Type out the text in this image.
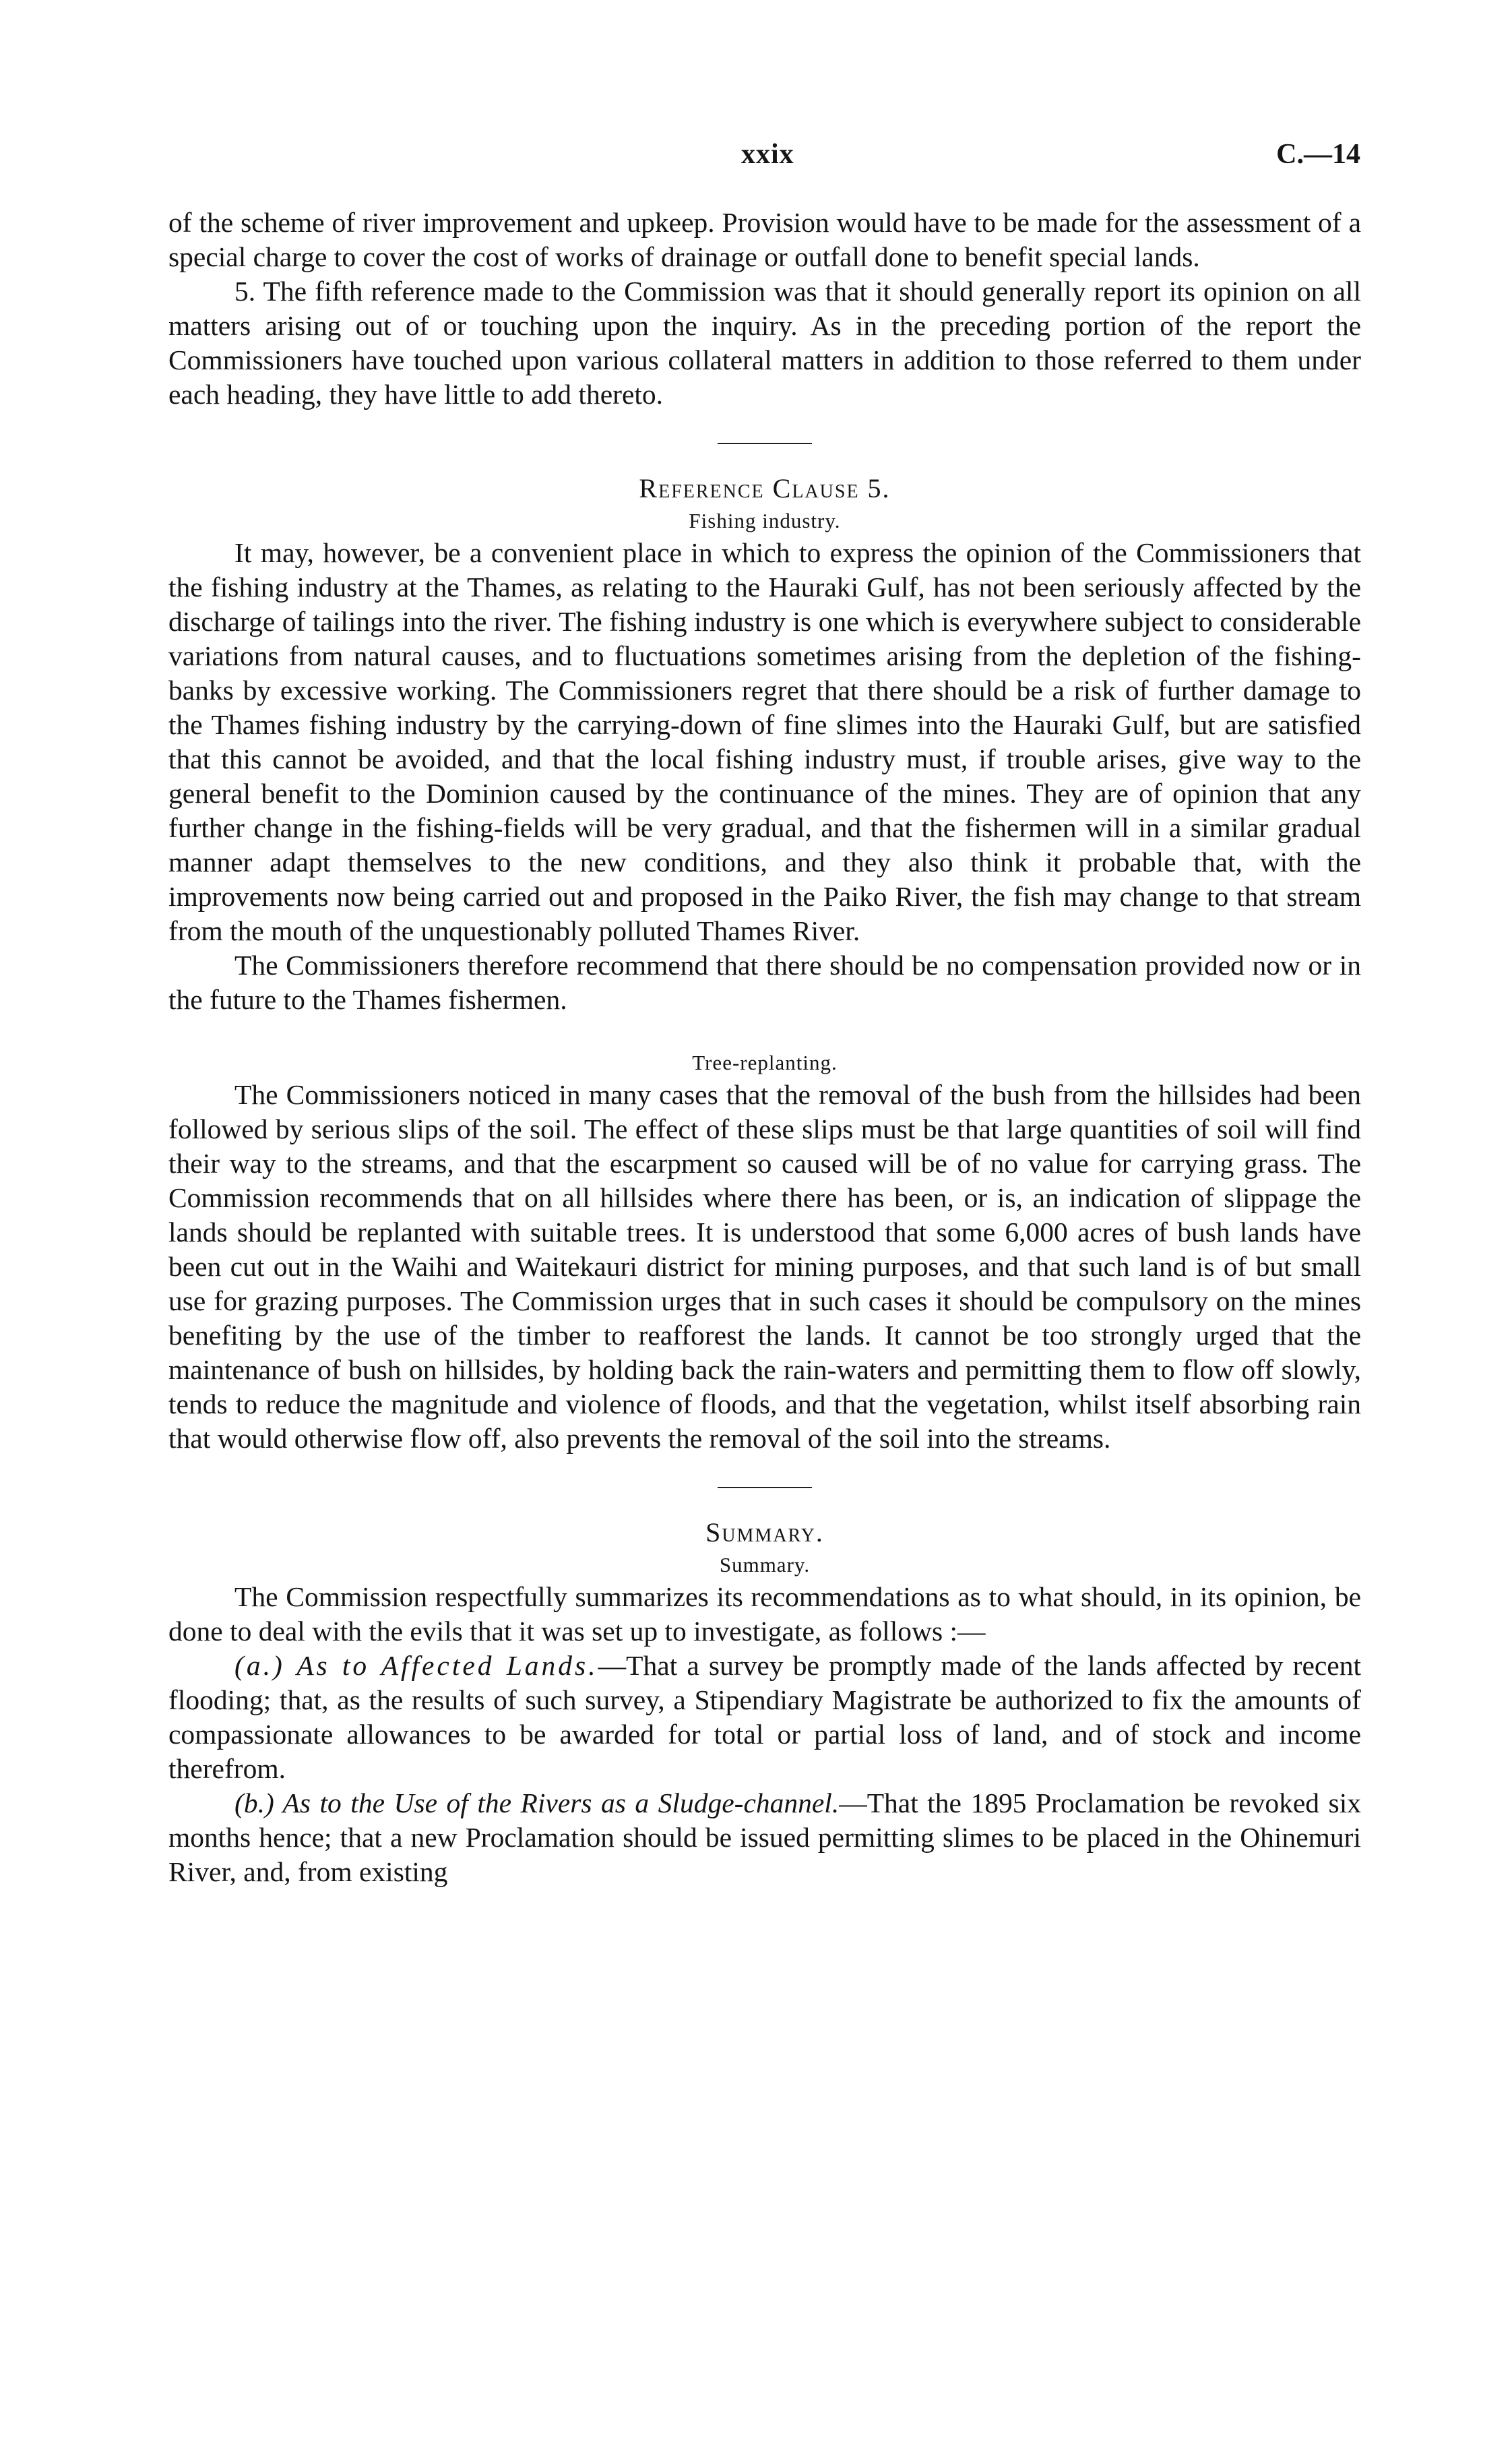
xxix	C.—14

of the scheme of river improvement and upkeep. Provision would have to be made for the assessment of a special charge to cover the cost of works of drainage or outfall done to benefit special lands.

5. The fifth reference made to the Commission was that it should generally report its opinion on all matters arising out of or touching upon the inquiry. As in the preceding portion of the report the Commissioners have touched upon various collateral matters in addition to those referred to them under each heading, they have little to add thereto.

Reference Clause 5.
Fishing industry.

It may, however, be a convenient place in which to express the opinion of the Commissioners that the fishing industry at the Thames, as relating to the Hauraki Gulf, has not been seriously affected by the discharge of tailings into the river. The fishing industry is one which is everywhere subject to considerable variations from natural causes, and to fluctuations sometimes arising from the depletion of the fishing-banks by excessive working. The Commissioners regret that there should be a risk of further damage to the Thames fishing industry by the carrying-down of fine slimes into the Hauraki Gulf, but are satisfied that this cannot be avoided, and that the local fishing industry must, if trouble arises, give way to the general benefit to the Dominion caused by the continuance of the mines. They are of opinion that any further change in the fishing-fields will be very gradual, and that the fishermen will in a similar gradual manner adapt themselves to the new conditions, and they also think it probable that, with the improvements now being carried out and proposed in the Paiko River, the fish may change to that stream from the mouth of the unquestionably polluted Thames River.

The Commissioners therefore recommend that there should be no compensation provided now or in the future to the Thames fishermen.

Tree-replanting.

The Commissioners noticed in many cases that the removal of the bush from the hillsides had been followed by serious slips of the soil. The effect of these slips must be that large quantities of soil will find their way to the streams, and that the escarpment so caused will be of no value for carrying grass. The Commission recommends that on all hillsides where there has been, or is, an indication of slippage the lands should be replanted with suitable trees. It is understood that some 6,000 acres of bush lands have been cut out in the Waihi and Waitekauri district for mining purposes, and that such land is of but small use for grazing purposes. The Commission urges that in such cases it should be compulsory on the mines benefiting by the use of the timber to reafforest the lands. It cannot be too strongly urged that the maintenance of bush on hillsides, by holding back the rain-waters and permitting them to flow off slowly, tends to reduce the magnitude and violence of floods, and that the vegetation, whilst itself absorbing rain that would otherwise flow off, also prevents the removal of the soil into the streams.

Summary.
Summary.

The Commission respectfully summarizes its recommendations as to what should, in its opinion, be done to deal with the evils that it was set up to investigate, as follows :—

(a.) As to Affected Lands.—That a survey be promptly made of the lands affected by recent flooding; that, as the results of such survey, a Stipendiary Magistrate be authorized to fix the amounts of compassionate allowances to be awarded for total or partial loss of land, and of stock and income therefrom.

(b.) As to the Use of the Rivers as a Sludge-channel.—That the 1895 Proclamation be revoked six months hence; that a new Proclamation should be issued permitting slimes to be placed in the Ohinemuri River, and, from existing
